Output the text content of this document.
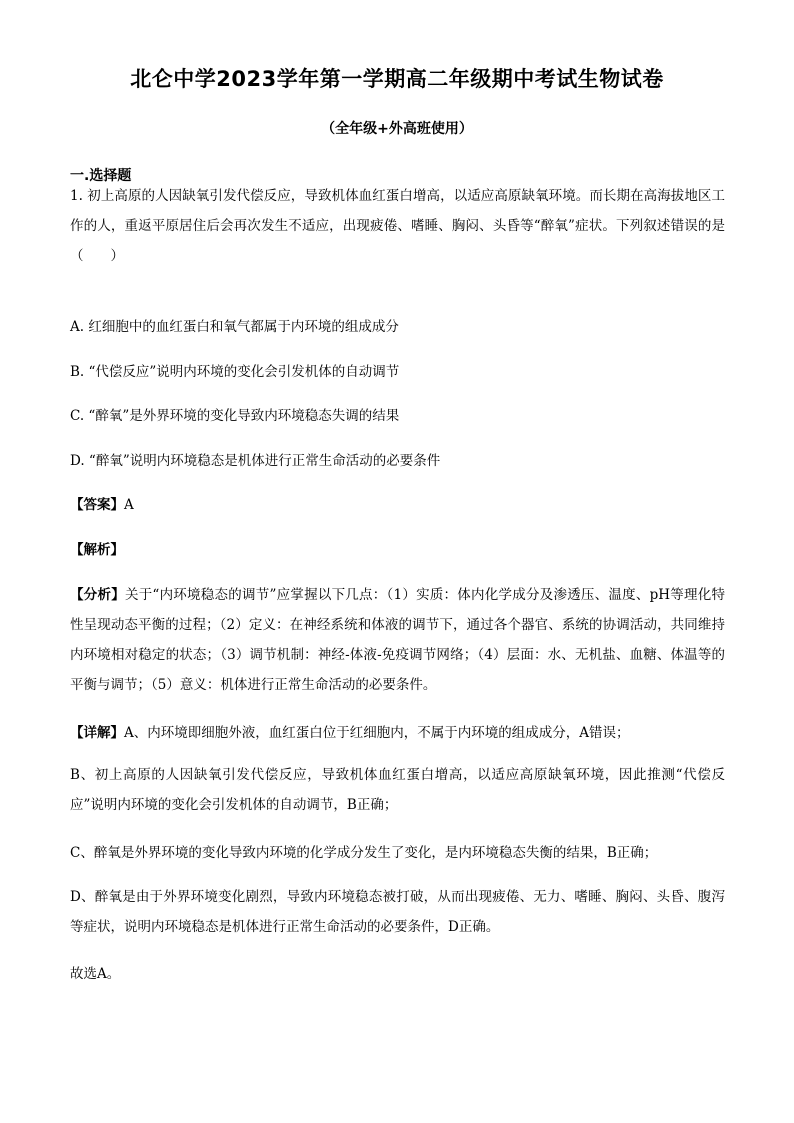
北仑中学2023学年第一学期高二年级期中考试生物试卷
（全年级+外高班使用）
一.选择题
1. 初上高原的人因缺氧引发代偿反应，导致机体血红蛋白增高，以适应高原缺氧环境。而长期在高海拔地区工作的人，重返平原居住后会再次发生不适应，出现疲倦、嗜睡、胸闷、头昏等“醉氧”症状。下列叙述错误的是（　　）
A. 红细胞中的血红蛋白和氧气都属于内环境的组成成分
B. “代偿反应”说明内环境的变化会引发机体的自动调节
C. “醉氧”是外界环境的变化导致内环境稳态失调的结果
D. “醉氧”说明内环境稳态是机体进行正常生命活动的必要条件
【答案】A
【解析】
【分析】关于“内环境稳态的调节”应掌握以下几点：（1）实质：体内化学成分及渗透压、温度、pH等理化特性呈现动态平衡的过程；（2）定义：在神经系统和体液的调节下，通过各个器官、系统的协调活动，共同维持内环境相对稳定的状态；（3）调节机制：神经-体液-免疫调节网络；（4）层面：水、无机盐、血糖、体温等的平衡与调节；（5）意义：机体进行正常生命活动的必要条件。
【详解】A、内环境即细胞外液，血红蛋白位于红细胞内，不属于内环境的组成成分，A错误；
B、初上高原的人因缺氧引发代偿反应，导致机体血红蛋白增高，以适应高原缺氧环境，因此推测“代偿反应”说明内环境的变化会引发机体的自动调节，B正确；
C、醉氧是外界环境的变化导致内环境的化学成分发生了变化，是内环境稳态失衡的结果，B正确；
D、醉氧是由于外界环境变化剧烈，导致内环境稳态被打破，从而出现疲倦、无力、嗜睡、胸闷、头昏、腹泻等症状，说明内环境稳态是机体进行正常生命活动的必要条件，D正确。
故选A。
